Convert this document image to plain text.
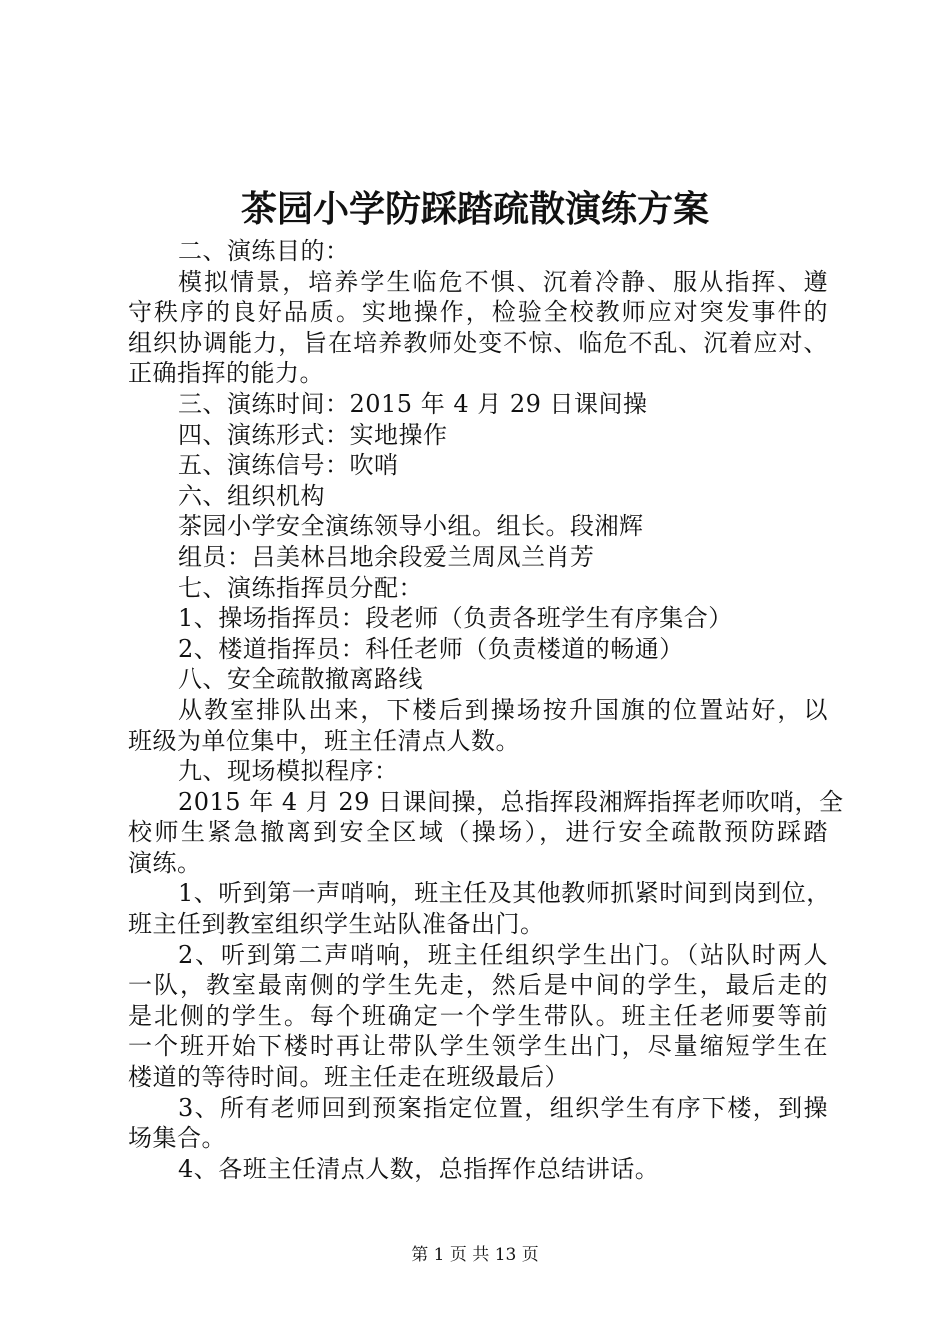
茶园小学防踩踏疏散演练方案

二、演练目的：

模拟情景，培养学生临危不惧、沉着冷静、服从指挥、遵

守秩序的良好品质。实地操作，检验全校教师应对突发事件的

组织协调能力，旨在培养教师处变不惊、临危不乱、沉着应对、

正确指挥的能力。

三、演练时间：2015 年 4 月 29 日课间操

四、演练形式：实地操作

五、演练信号：吹哨

六、组织机构

茶园小学安全演练领导小组。组长。段湘辉

组员：吕美林吕地余段爱兰周凤兰肖芳

七、演练指挥员分配：

1、操场指挥员：段老师（负责各班学生有序集合）

2、楼道指挥员：科任老师（负责楼道的畅通）

八、安全疏散撤离路线

从教室排队出来，下楼后到操场按升国旗的位置站好，以

班级为单位集中，班主任清点人数。

九、现场模拟程序：

2015 年 4 月 29 日课间操，总指挥段湘辉指挥老师吹哨，全

校师生紧急撤离到安全区域（操场），进行安全疏散预防踩踏

演练。

1、听到第一声哨响，班主任及其他教师抓紧时间到岗到位，

班主任到教室组织学生站队准备出门。

2、听到第二声哨响，班主任组织学生出门。（站队时两人

一队，教室最南侧的学生先走，然后是中间的学生，最后走的

是北侧的学生。每个班确定一个学生带队。班主任老师要等前

一个班开始下楼时再让带队学生领学生出门，尽量缩短学生在

楼道的等待时间。班主任走在班级最后）

3、所有老师回到预案指定位置，组织学生有序下楼，到操

场集合。

4、各班主任清点人数，总指挥作总结讲话。

第 1 页 共 13 页
